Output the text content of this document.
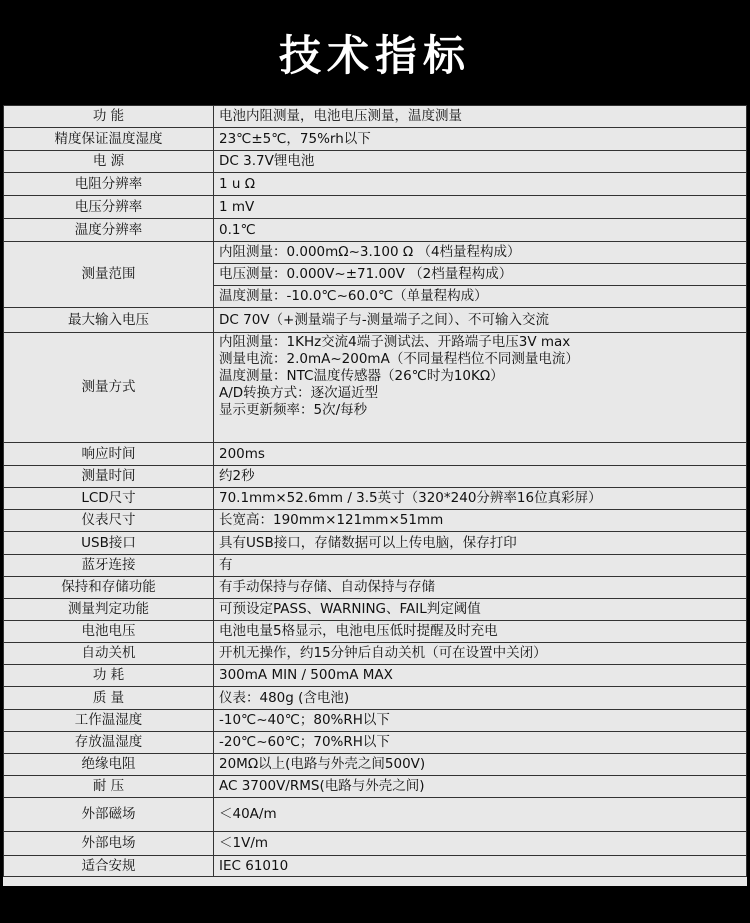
技术指标
功 能	电池内阻测量，电池电压测量，温度测量
精度保证温度湿度	23℃±5℃，75%rh以下
电 源	DC 3.7V锂电池
电阻分辨率	1 u Ω
电压分辨率	1 mV
温度分辨率	0.1℃
测量范围	内阻测量：0.000mΩ~3.100 Ω （4档量程构成）
电压测量：0.000V~±71.00V （2档量程构成）
温度测量：-10.0℃~60.0℃（单量程构成）

最大输入电压	DC 70V（+测量端子与-测量端子之间）、不可输入交流
测量方式	内阻测量：1KHz交流4端子测试法、开路端子电压3V max
测量电流：2.0mA~200mA（不同量程档位不同测量电流）
温度测量：NTC温度传感器（26℃时为10KΩ）
A/D转换方式：逐次逼近型
显示更新频率：5次/每秒

响应时间	200ms
测量时间	约2秒
LCD尺寸	70.1mm×52.6mm / 3.5英寸（320*240分辨率16位真彩屏）
仪表尺寸	长宽高：190mm×121mm×51mm
USB接口	具有USB接口，存储数据可以上传电脑，保存打印
蓝牙连接	有
保持和存储功能	有手动保持与存储、自动保持与存储
测量判定功能	可预设定PASS、WARNING、FAIL判定阈值
电池电压	电池电量5格显示，电池电压低时提醒及时充电
自动关机	开机无操作，约15分钟后自动关机（可在设置中关闭）
功 耗	300mA MIN / 500mA MAX
质 量	仪表：480g (含电池)
工作温湿度	-10℃~40℃；80%RH以下
存放温湿度	-20℃~60℃；70%RH以下
绝缘电阻	20MΩ以上(电路与外壳之间500V)
耐 压	AC 3700V/RMS(电路与外壳之间)
外部磁场	＜40A/m
外部电场	＜1V/m
适合安规	IEC 61010
